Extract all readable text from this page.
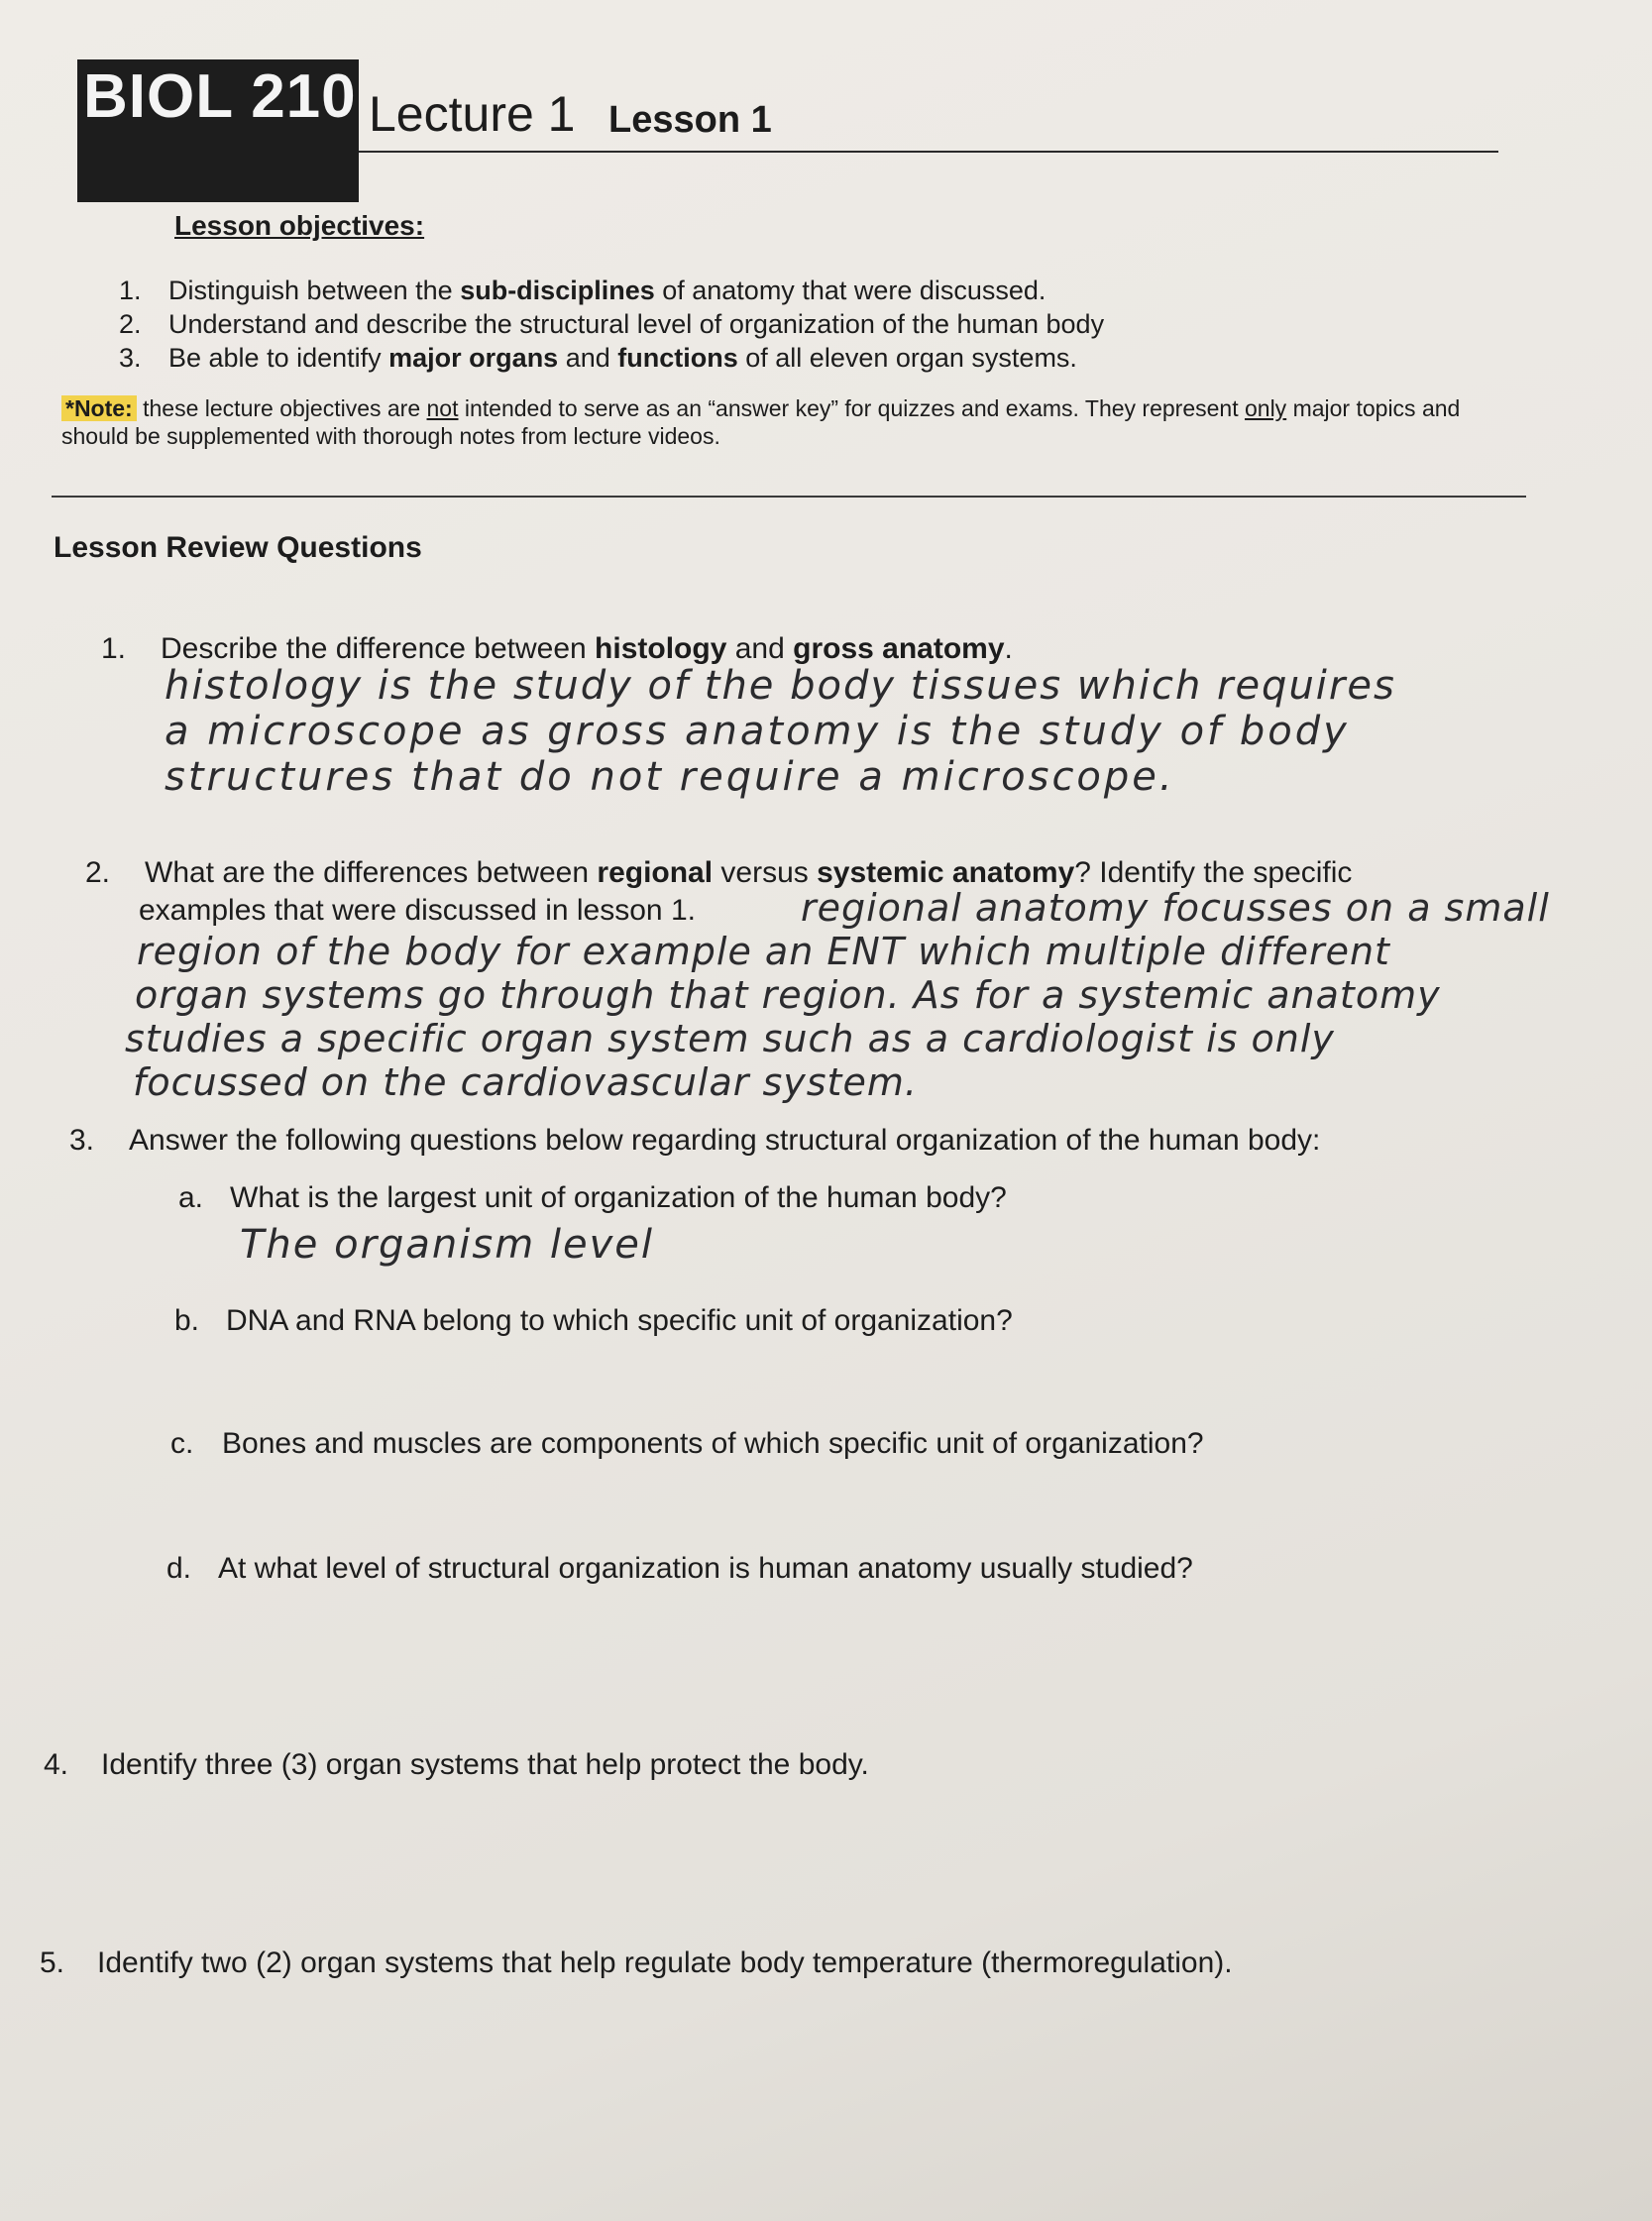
BIOL 210 Lecture 1 Lesson 1
Lesson objectives:
1.	Distinguish between the sub-disciplines of anatomy that were discussed.
2.	Understand and describe the structural level of organization of the human body
3.	Be able to identify major organs and functions of all eleven organ systems.
*Note: these lecture objectives are not intended to serve as an “answer key” for quizzes and exams. They represent only major topics and should be supplemented with thorough notes from lecture videos.
Lesson Review Questions
1. Describe the difference between histology and gross anatomy.
histology is the study of the body tissues which requires
a microscope as gross anatomy is the study of body
structures that do not require a microscope.
2. What are the differences between regional versus systemic anatomy? Identify the specific
examples that were discussed in lesson 1.	regional anatomy focusses on a small
region of the body for example an ENT which multiple different
organ systems go through that region. As for a systemic anatomy
studies a specific organ system such as a cardiologist is only
focussed on the cardiovascular system.
3. Answer the following questions below regarding structural organization of the human body:
a. What is the largest unit of organization of the human body?
The organism level
b. DNA and RNA belong to which specific unit of organization?
c. Bones and muscles are components of which specific unit of organization?
d. At what level of structural organization is human anatomy usually studied?
4. Identify three (3) organ systems that help protect the body.
5. Identify two (2) organ systems that help regulate body temperature (thermoregulation).
